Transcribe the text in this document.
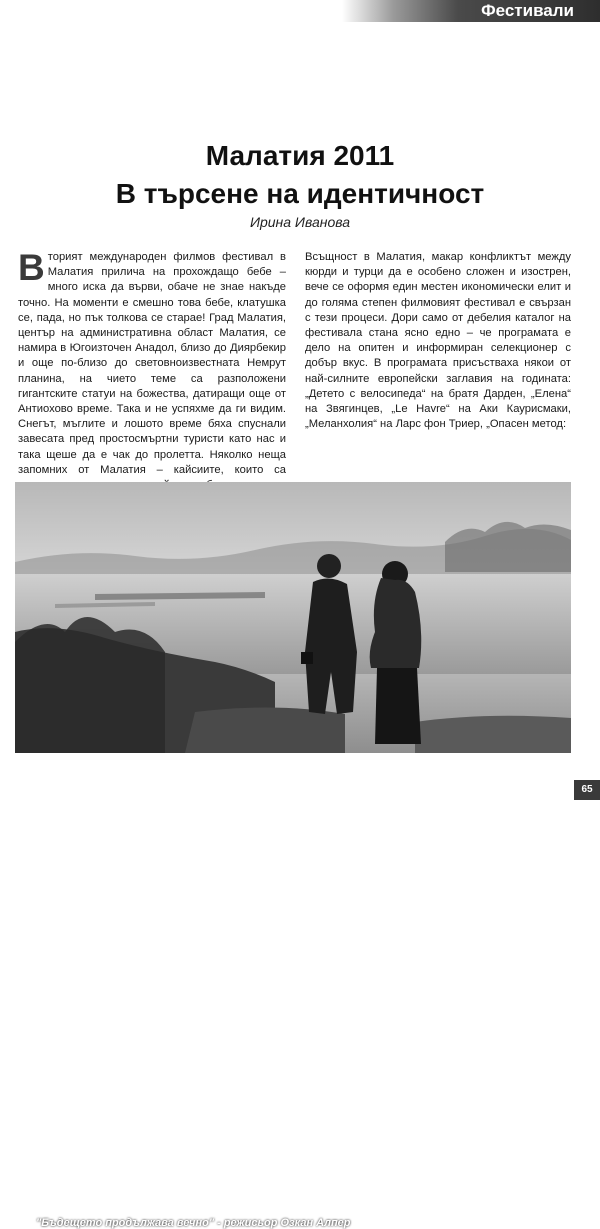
Фестивали
Малатия 2011
В търсене на идентичност
Ирина Иванова

Вторият международен филмов фестивал в Малатия прилича на прохождащо бебе – много иска да върви, обаче не знае накъде точно. На моменти е смешно това бебе, клатушка се, пада, но пък толкова се старае! Град Малатия, център на административна област Малатия, се намира в Югоизточен Анадол, близо до Диярбекир и още по-близо до световноизвестната Немрут планина, на чието теме са разположени гигантските статуи на божества, датиращи още от Антиохово време. Така и не успяхме да ги видим. Снегът, мъглите и лошото време бяха спуснали завесата пред простосмъртни туристи като нас и така щеше да е чак до пролетта. Няколко неща запомних от Малатия – кайсиите, които са

Всъщност в Малатия, макар конфликтът между кюрди и турци да е особено сложен и изострен, вече се оформя един местен икономически елит и до голяма степен филмовият фестивал е свързан с тези процеси. Дори само от дебелия каталог на фестивала стана ясно едно – че програмата е дело на опитен и информиран селекционер с добър вкус. В програмата присъстваха някои от най-силните европейски заглавия на годината: „Детето с велосипеда“ на братя Дарден, „Елена“ на Звягинцев, „Le Havre“ на Аки Каурисмаки, „Меланхолия“ на Ларс фон Триер, „Опасен метод:

"Бъдещето продължава вечно" - режисьор Озкан Алпер
65
